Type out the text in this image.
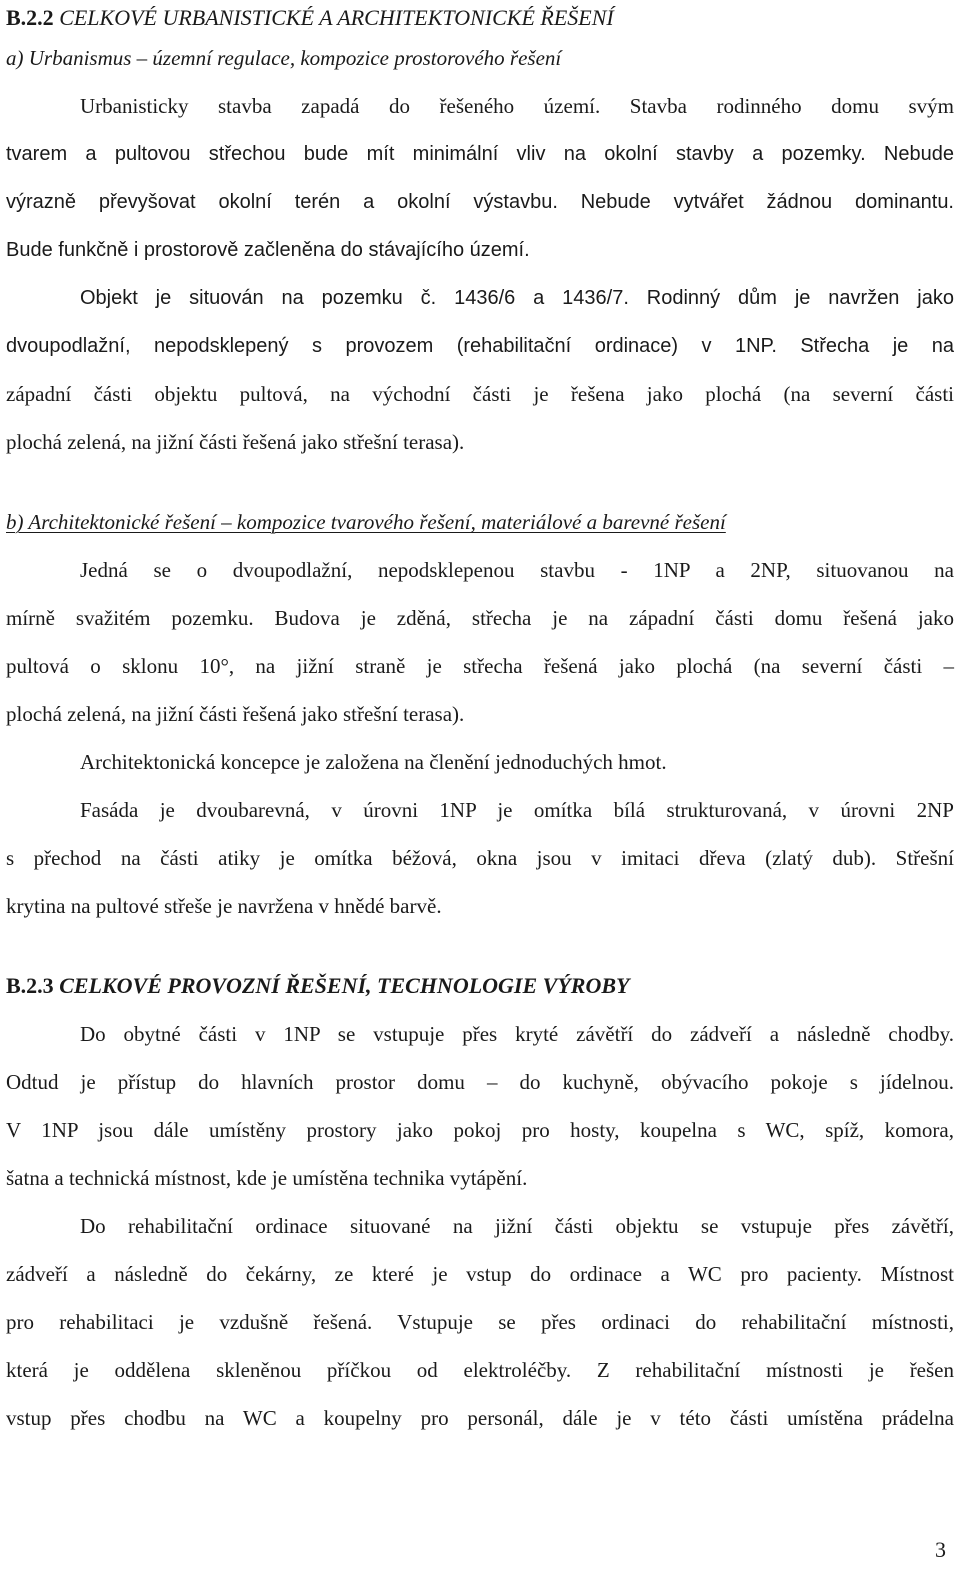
B.2.2 CELKOVÉ URBANISTICKÉ A ARCHITEKTONICKÉ ŘEŠENÍ
a) Urbanismus – územní regulace, kompozice prostorového řešení
Urbanisticky stavba zapadá do řešeného území. Stavba rodinného domu svým
tvarem a pultovou střechou bude mít minimální vliv na okolní stavby a pozemky. Nebude
výrazně převyšovat okolní terén a okolní výstavbu. Nebude vytvářet žádnou dominantu.
Bude funkčně i prostorově začleněna do stávajícího území.
Objekt je situován na pozemku č. 1436/6 a 1436/7. Rodinný dům je navržen jako
dvoupodlažní, nepodsklepený s provozem (rehabilitační ordinace) v 1NP. Střecha je na
západní části objektu pultová, na východní části je řešena jako plochá (na severní části
plochá zelená, na jižní části řešená jako střešní terasa).
b) Architektonické řešení – kompozice tvarového řešení, materiálové a barevné řešení
Jedná se o dvoupodlažní, nepodsklepenou stavbu - 1NP a 2NP, situovanou na
mírně svažitém pozemku. Budova je zděná, střecha je na západní části domu řešená jako
pultová o sklonu 10°, na jižní straně je střecha řešená jako plochá (na severní části –
plochá zelená, na jižní části řešená jako střešní terasa).
Architektonická koncepce je založena na členění jednoduchých hmot.
Fasáda je dvoubarevná, v úrovni 1NP je omítka bílá strukturovaná, v úrovni 2NP
s přechod na části atiky je omítka béžová, okna jsou v imitaci dřeva (zlatý dub). Střešní
krytina na pultové střeše je navržena v hnědé barvě.
B.2.3 CELKOVÉ PROVOZNÍ ŘEŠENÍ, TECHNOLOGIE VÝROBY
Do obytné části v 1NP se vstupuje přes kryté závětří do zádveří a následně chodby.
Odtud je přístup do hlavních prostor domu – do kuchyně, obývacího pokoje s jídelnou.
V 1NP jsou dále umístěny prostory jako pokoj pro hosty, koupelna s WC, spíž, komora,
šatna a technická místnost, kde je umístěna technika vytápění.
Do rehabilitační ordinace situované na jižní části objektu se vstupuje přes závětří,
zádveří a následně do čekárny, ze které je vstup do ordinace a WC pro pacienty. Místnost
pro rehabilitaci je vzdušně řešená. Vstupuje se přes ordinaci do rehabilitační místnosti,
která je oddělena skleněnou příčkou od elektroléčby. Z rehabilitační místnosti je řešen
vstup přes chodbu na WC a koupelny pro personál, dále je v této části umístěna prádelna
3
